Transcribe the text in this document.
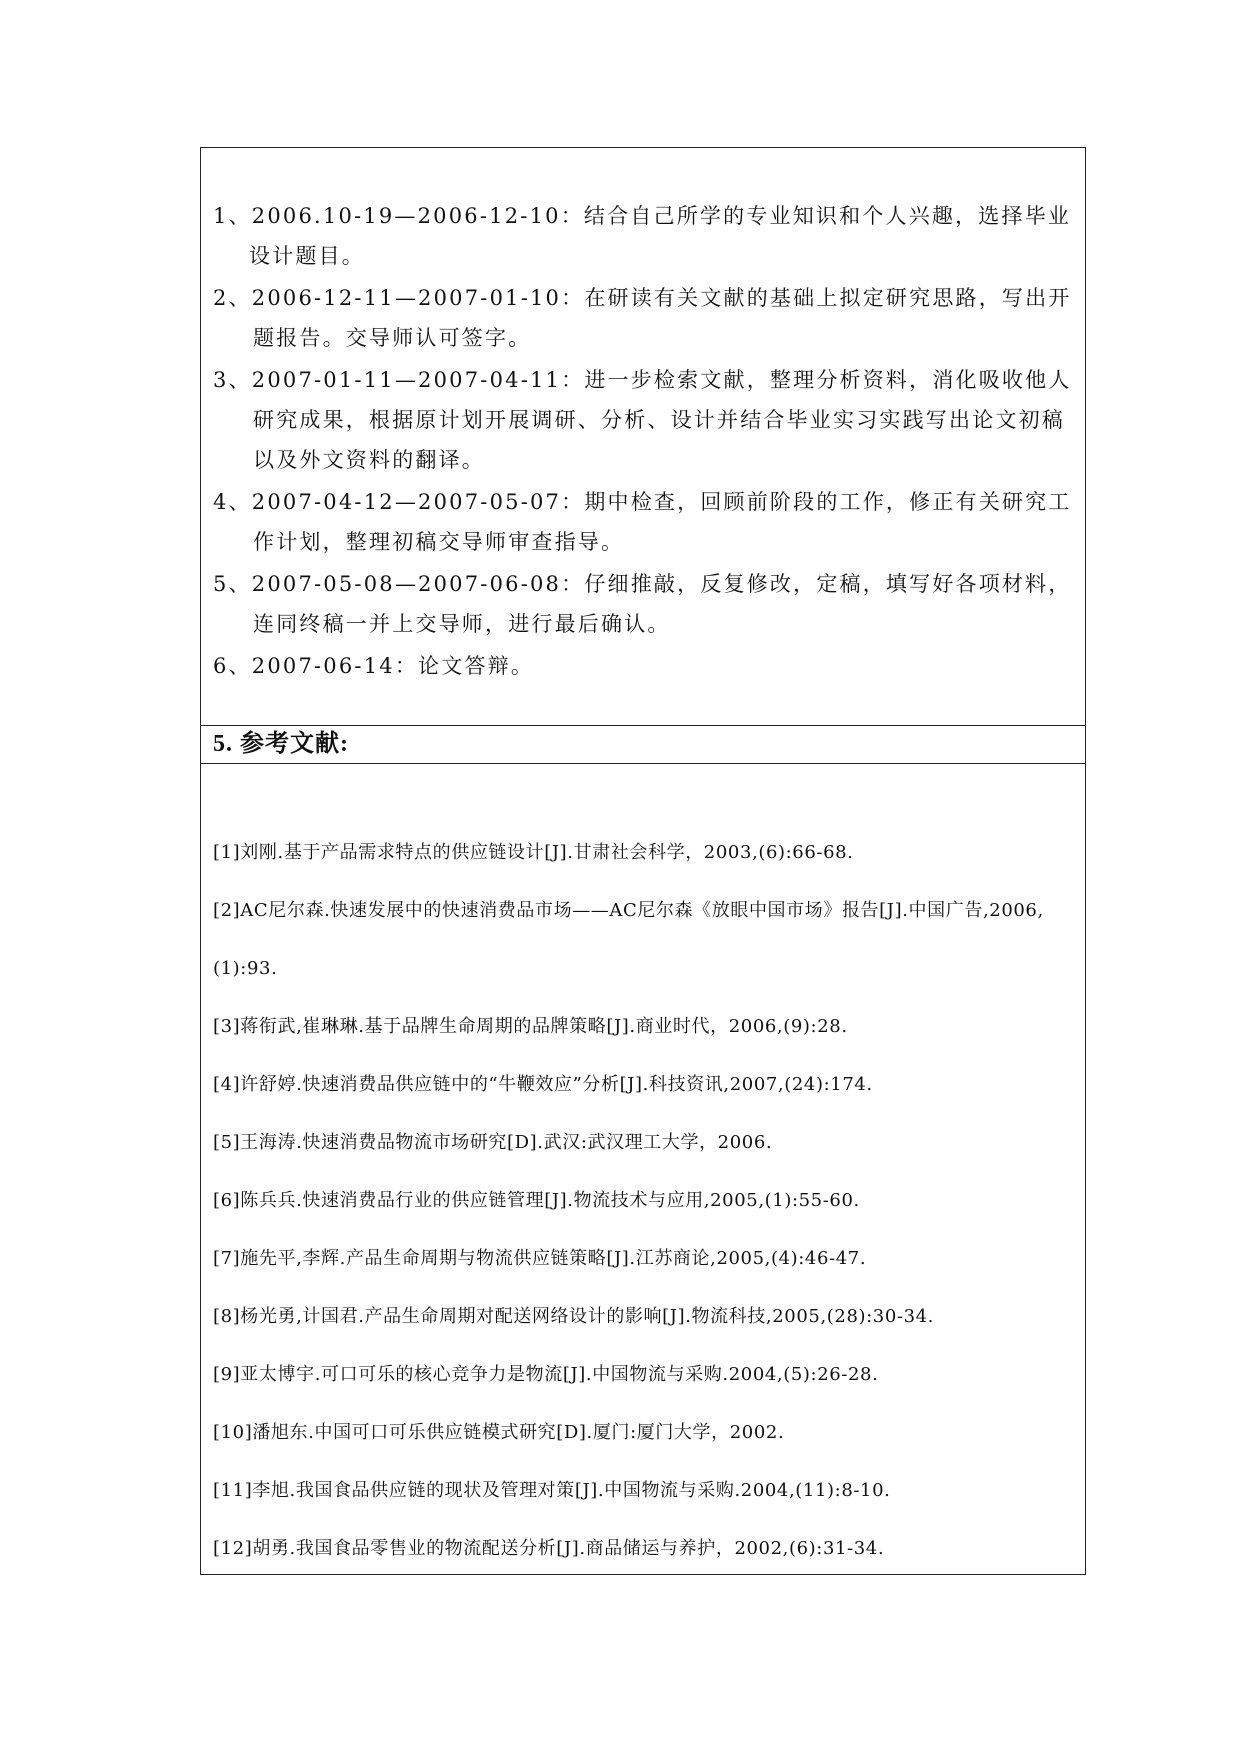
1、2006.10-19—2006-12-10：结合自己所学的专业知识和个人兴趣，选择毕业设计题目。
2、2006-12-11—2007-01-10：在研读有关文献的基础上拟定研究思路，写出开题报告。交导师认可签字。
3、2007-01-11—2007-04-11：进一步检索文献，整理分析资料，消化吸收他人研究成果，根据原计划开展调研、分析、设计并结合毕业实习实践写出论文初稿以及外文资料的翻译。
4、2007-04-12—2007-05-07：期中检查，回顾前阶段的工作，修正有关研究工作计划，整理初稿交导师审查指导。
5、2007-05-08—2007-06-08：仔细推敲，反复修改，定稿，填写好各项材料，连同终稿一并上交导师，进行最后确认。
6、2007-06-14：论文答辩。
5. 参考文献:
[1]刘刚.基于产品需求特点的供应链设计[J].甘肃社会科学，2003,(6):66-68.
[2]AC尼尔森.快速发展中的快速消费品市场——AC尼尔森《放眼中国市场》报告[J].中国广告,2006,(1):93.
[3]蒋衔武,崔琳琳.基于品牌生命周期的品牌策略[J].商业时代，2006,(9):28.
[4]许舒婷.快速消费品供应链中的“牛鞭效应”分析[J].科技资讯,2007,(24):174.
[5]王海涛.快速消费品物流市场研究[D].武汉:武汉理工大学，2006.
[6]陈兵兵.快速消费品行业的供应链管理[J].物流技术与应用,2005,(1):55-60.
[7]施先平,李辉.产品生命周期与物流供应链策略[J].江苏商论,2005,(4):46-47.
[8]杨光勇,计国君.产品生命周期对配送网络设计的影响[J].物流科技,2005,(28):30-34.
[9]亚太博宇.可口可乐的核心竞争力是物流[J].中国物流与采购.2004,(5):26-28.
[10]潘旭东.中国可口可乐供应链模式研究[D].厦门:厦门大学，2002.
[11]李旭.我国食品供应链的现状及管理对策[J].中国物流与采购.2004,(11):8-10.
[12]胡勇.我国食品零售业的物流配送分析[J].商品储运与养护，2002,(6):31-34.
